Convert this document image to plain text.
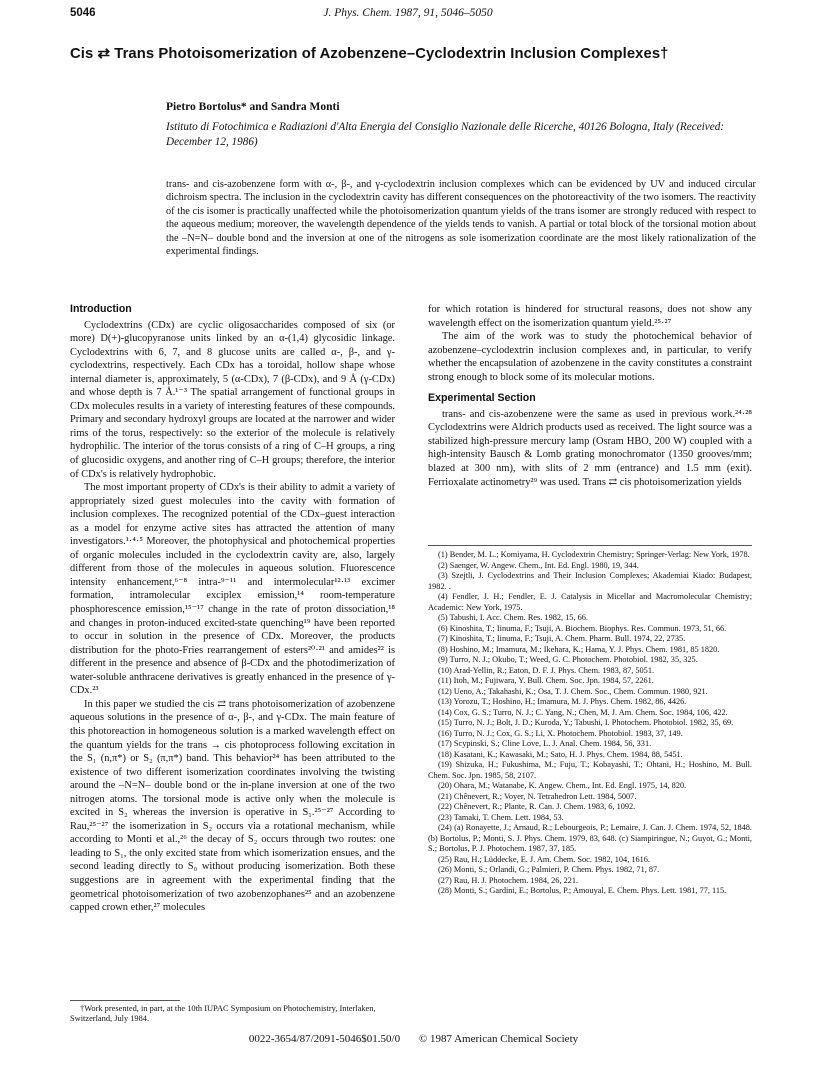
5046	J. Phys. Chem. 1987, 91, 5046–5050
Cis ⇄ Trans Photoisomerization of Azobenzene–Cyclodextrin Inclusion Complexes†
Pietro Bortolus* and Sandra Monti
Istituto di Fotochimica e Radiazioni d'Alta Energia del Consiglio Nazionale delle Ricerche, 40126 Bologna, Italy (Received: December 12, 1986)
trans- and cis-azobenzene form with α-, β-, and γ-cyclodextrin inclusion complexes which can be evidenced by UV and induced circular dichroism spectra. The inclusion in the cyclodextrin cavity has different consequences on the photoreactivity of the two isomers. The reactivity of the cis isomer is practically unaffected while the photoisomerization quantum yields of the trans isomer are strongly reduced with respect to the aqueous medium; moreover, the wavelength dependence of the yields tends to vanish. A partial or total block of the torsional motion about the –N=N– double bond and the inversion at one of the nitrogens as sole isomerization coordinate are the most likely rationalization of the experimental findings.
Introduction

Cyclodextrins (CDx) are cyclic oligosaccharides composed of six (or more) D(+)-glucopyranose units linked by an α-(1,4) glycosidic linkage. Cyclodextrins with 6, 7, and 8 glucose units are called α-, β-, and γ-cyclodextrins, respectively. Each CDx has a toroidal, hollow shape whose internal diameter is, approximately, 5 (α-CDx), 7 (β-CDx), and 9 Å (γ-CDx) and whose depth is 7 Å.¹⁻³ The spatial arrangement of functional groups in CDx molecules results in a variety of interesting features of these compounds. Primary and secondary hydroxyl groups are located at the narrower and wider rims of the torus, respectively: so the exterior of the molecule is relatively hydrophilic. The interior of the torus consists of a ring of C–H groups, a ring of glucosidic oxygens, and another ring of C–H groups; therefore, the interior of CDx's is relatively hydrophobic.

The most important property of CDx's is their ability to admit a variety of appropriately sized guest molecules into the cavity with formation of inclusion complexes. The recognized potential of the CDx–guest interaction as a model for enzyme active sites has attracted the attention of many investigators.¹·⁴·⁵ Moreover, the photophysical and photochemical properties of organic molecules included in the cyclodextrin cavity are, also, largely different from those of the molecules in aqueous solution. Fluorescence intensity enhancement,⁶⁻⁸ intra-⁹⁻¹¹ and intermolecular¹²·¹³ excimer formation, intramolecular exciplex emission,¹⁴ room-temperature phosphorescence emission,¹⁵⁻¹⁷ change in the rate of proton dissociation,¹⁸ and changes in proton-induced excited-state quenching¹⁹ have been reported to occur in solution in the presence of CDx. Moreover, the products distribution for the photo-Fries rearrangement of esters²⁰·²¹ and amides²² is different in the presence and absence of β-CDx and the photodimerization of water-soluble anthracene derivatives is greatly enhanced in the presence of γ-CDx.²³

In this paper we studied the cis ⇄ trans photoisomerization of azobenzene aqueous solutions in the presence of α-, β-, and γ-CDx. The main feature of this photoreaction in homogeneous solution is a marked wavelength effect on the quantum yields for the trans → cis photoprocess following excitation in the S₁ (n,π*) or S₂ (π,π*) band. This behavior²⁴ has been attributed to the existence of two different isomerization coordinates involving the twisting around the –N=N– double bond or the in-plane inversion at one of the two nitrogen atoms. The torsional mode is active only when the molecule is excited in S₂ whereas the inversion is operative in S₁.²⁵⁻²⁷ According to Rau,²⁵⁻²⁷ the isomerization in S₂ occurs via a rotational mechanism, while according to Monti et al.,²⁶ the decay of S₂ occurs through two routes: one leading to S₁, the only excited state from which isomerization ensues, and the second leading directly to S₀ without producing isomerization. Both these suggestions are in agreement with the experimental finding that the geometrical photoisomerization of two azobenzophanes²⁵ and an azobenzene capped crown ether,²⁷ molecules

for which rotation is hindered for structural reasons, does not show any wavelength effect on the isomerization quantum yield.²⁵·²⁷

The aim of the work was to study the photochemical behavior of azobenzene–cyclodextrin inclusion complexes and, in particular, to verify whether the encapsulation of azobenzene in the cavity constitutes a constraint strong enough to block some of its molecular motions.

Experimental Section

trans- and cis-azobenzene were the same as used in previous work.²⁴·²⁸ Cyclodextrins were Aldrich products used as received. The light source was a stabilized high-pressure mercury lamp (Osram HBO, 200 W) coupled with a high-intensity Bausch & Lomb grating monochromator (1350 grooves/mm; blazed at 300 nm), with slits of 2 mm (entrance) and 1.5 mm (exit). Ferrioxalate actinometry²⁹ was used. Trans ⇄ cis photoisomerization yields

(1) Bender, M. L.; Komiyama, H. Cyclodextrin Chemistry; Springer-Verlag: New York, 1978.

(2) Saenger, W. Angew. Chem., Int. Ed. Engl. 1980, 19, 344.

(3) Szejtli, J. Cyclodextrins and Their Inclusion Complexes; Akademiai Kiado: Budapest, 1982. .

(4) Fendler, J. H.; Fendler, E. J. Catalysis in Micellar and Macromolecular Chemistry; Academic: New York, 1975.

(5) Tabushi, I. Acc. Chem. Res. 1982, 15, 66.

(6) Kinoshita, T.; Iinuma, F.; Tsuji, A. Biochem. Biophys. Res. Commun. 1973, 51, 66.

(7) Kinoshita, T.; Iinuma, F.; Tsuji, A. Chem. Pharm. Bull. 1974, 22, 2735.

(8) Hoshino, M.; Imamura, M.; Ikehara, K.; Hama, Y. J. Phys. Chem. 1981, 85 1820.

(9) Turro, N. J.; Okubo, T.; Weed, G. C. Photochem. Photobiol. 1982, 35, 325.

(10) Arad-Yellin, R.; Eaton, D. F. J. Phys. Chem. 1983, 87, 5051.

(11) Itoh, M.; Fujiwara, Y. Bull. Chem. Soc. Jpn. 1984, 57, 2261.

(12) Ueno, A.; Takahashi, K.; Osa, T. J. Chem. Soc., Chem. Commun. 1980, 921.

(13) Yorozu, T.; Hoshino, H.; Imamura, M. J. Phys. Chem. 1982, 86, 4426.

(14) Cox, G. S.; Turro, N. J.; C. Yang, N.; Chen, M. J. Am. Chem. Soc. 1984, 106, 422.

(15) Turro, N. J.; Bolt, J. D.; Kuroda, Y.; Tabushi, I. Photochem. Photobiol. 1982, 35, 69.

(16) Turro, N. J.; Cox, G. S.; Li, X. Photochem. Photobiol. 1983, 37, 149.

(17) Scypinski, S.; Cline Love, L. J. Anal. Chem. 1984, 56, 331.

(18) Kasatani, K.; Kawasaki, M.; Sato, H. J. Phys. Chem. 1984, 88, 5451.

(19) Shizuka, H.; Fukushima, M.; Fuju, T.; Kobayashi, T.; Ohtani, H.; Hoshino, M. Bull. Chem. Soc. Jpn. 1985, 58, 2107.

(20) Ohara, M.; Watanabe, K. Angew. Chem., Int. Ed. Engl. 1975, 14, 820.

(21) Chênevert, R.; Voyer, N. Tetrahedron Lett. 1984, 5007.

(22) Chênevert, R.; Plante, R. Can. J. Chem. 1983, 6, 1092.

(23) Tamaki, T. Chem. Lett. 1984, 53.

(24) (a) Ronayette, J.; Arnaud, R.; Lebourgeois, P.; Lemaire, J. Can. J. Chem. 1974, 52, 1848. (b) Bortolus, P.; Monti, S. J. Phys. Chem. 1979, 83, 648. (c) Siampiringue, N.; Guyot, G.; Monti, S.; Bortolus, P. J. Photochem. 1987, 37, 185.

(25) Rau, H.; Lüddecke, E. J. Am. Chem. Soc. 1982, 104, 1616.

(26) Monti, S.; Orlandi, G.; Palmieri, P. Chem. Phys. 1982, 71, 87.

(27) Rau, H. J. Photochem. 1984, 26, 221.

(28) Monti, S.; Gardini, E.; Bortolus, P.; Amouyal, E. Chem. Phys. Lett. 1981, 77, 115.

†Work presented, in part, at the 10th IUPAC Symposium on Photochemistry, Interlaken, Switzerland, July 1984.

0022-3654/87/2091-5046$01.50/0 © 1987 American Chemical Society
